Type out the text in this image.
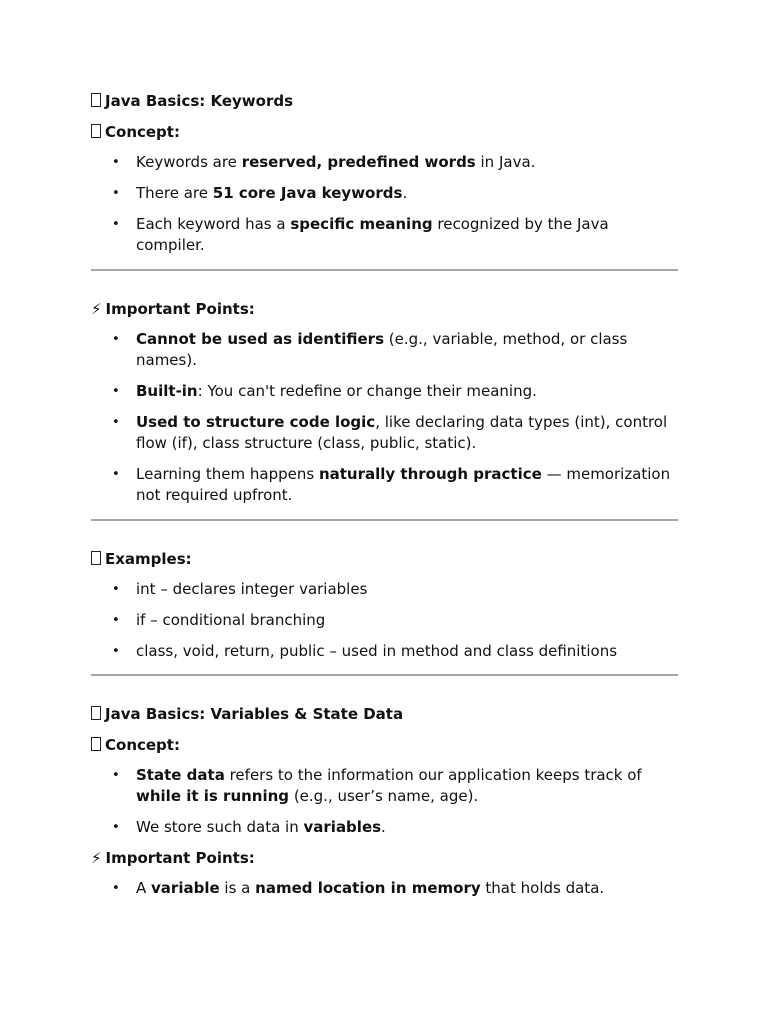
Java Basics: Keywords

Concept:

• Keywords are reserved, predefined words in Java.
• There are 51 core Java keywords.
• Each keyword has a specific meaning recognized by the Java compiler.

⚡ Important Points:

• Cannot be used as identifiers (e.g., variable, method, or class names).
• Built-in: You can't redefine or change their meaning.
• Used to structure code logic, like declaring data types (int), control flow (if), class structure (class, public, static).
• Learning them happens naturally through practice — memorization not required upfront.

Examples:

• int – declares integer variables
• if – conditional branching
• class, void, return, public – used in method and class definitions

Java Basics: Variables & State Data

Concept:

• State data refers to the information our application keeps track of while it is running (e.g., user’s name, age).
• We store such data in variables.

⚡ Important Points:

• A variable is a named location in memory that holds data.
